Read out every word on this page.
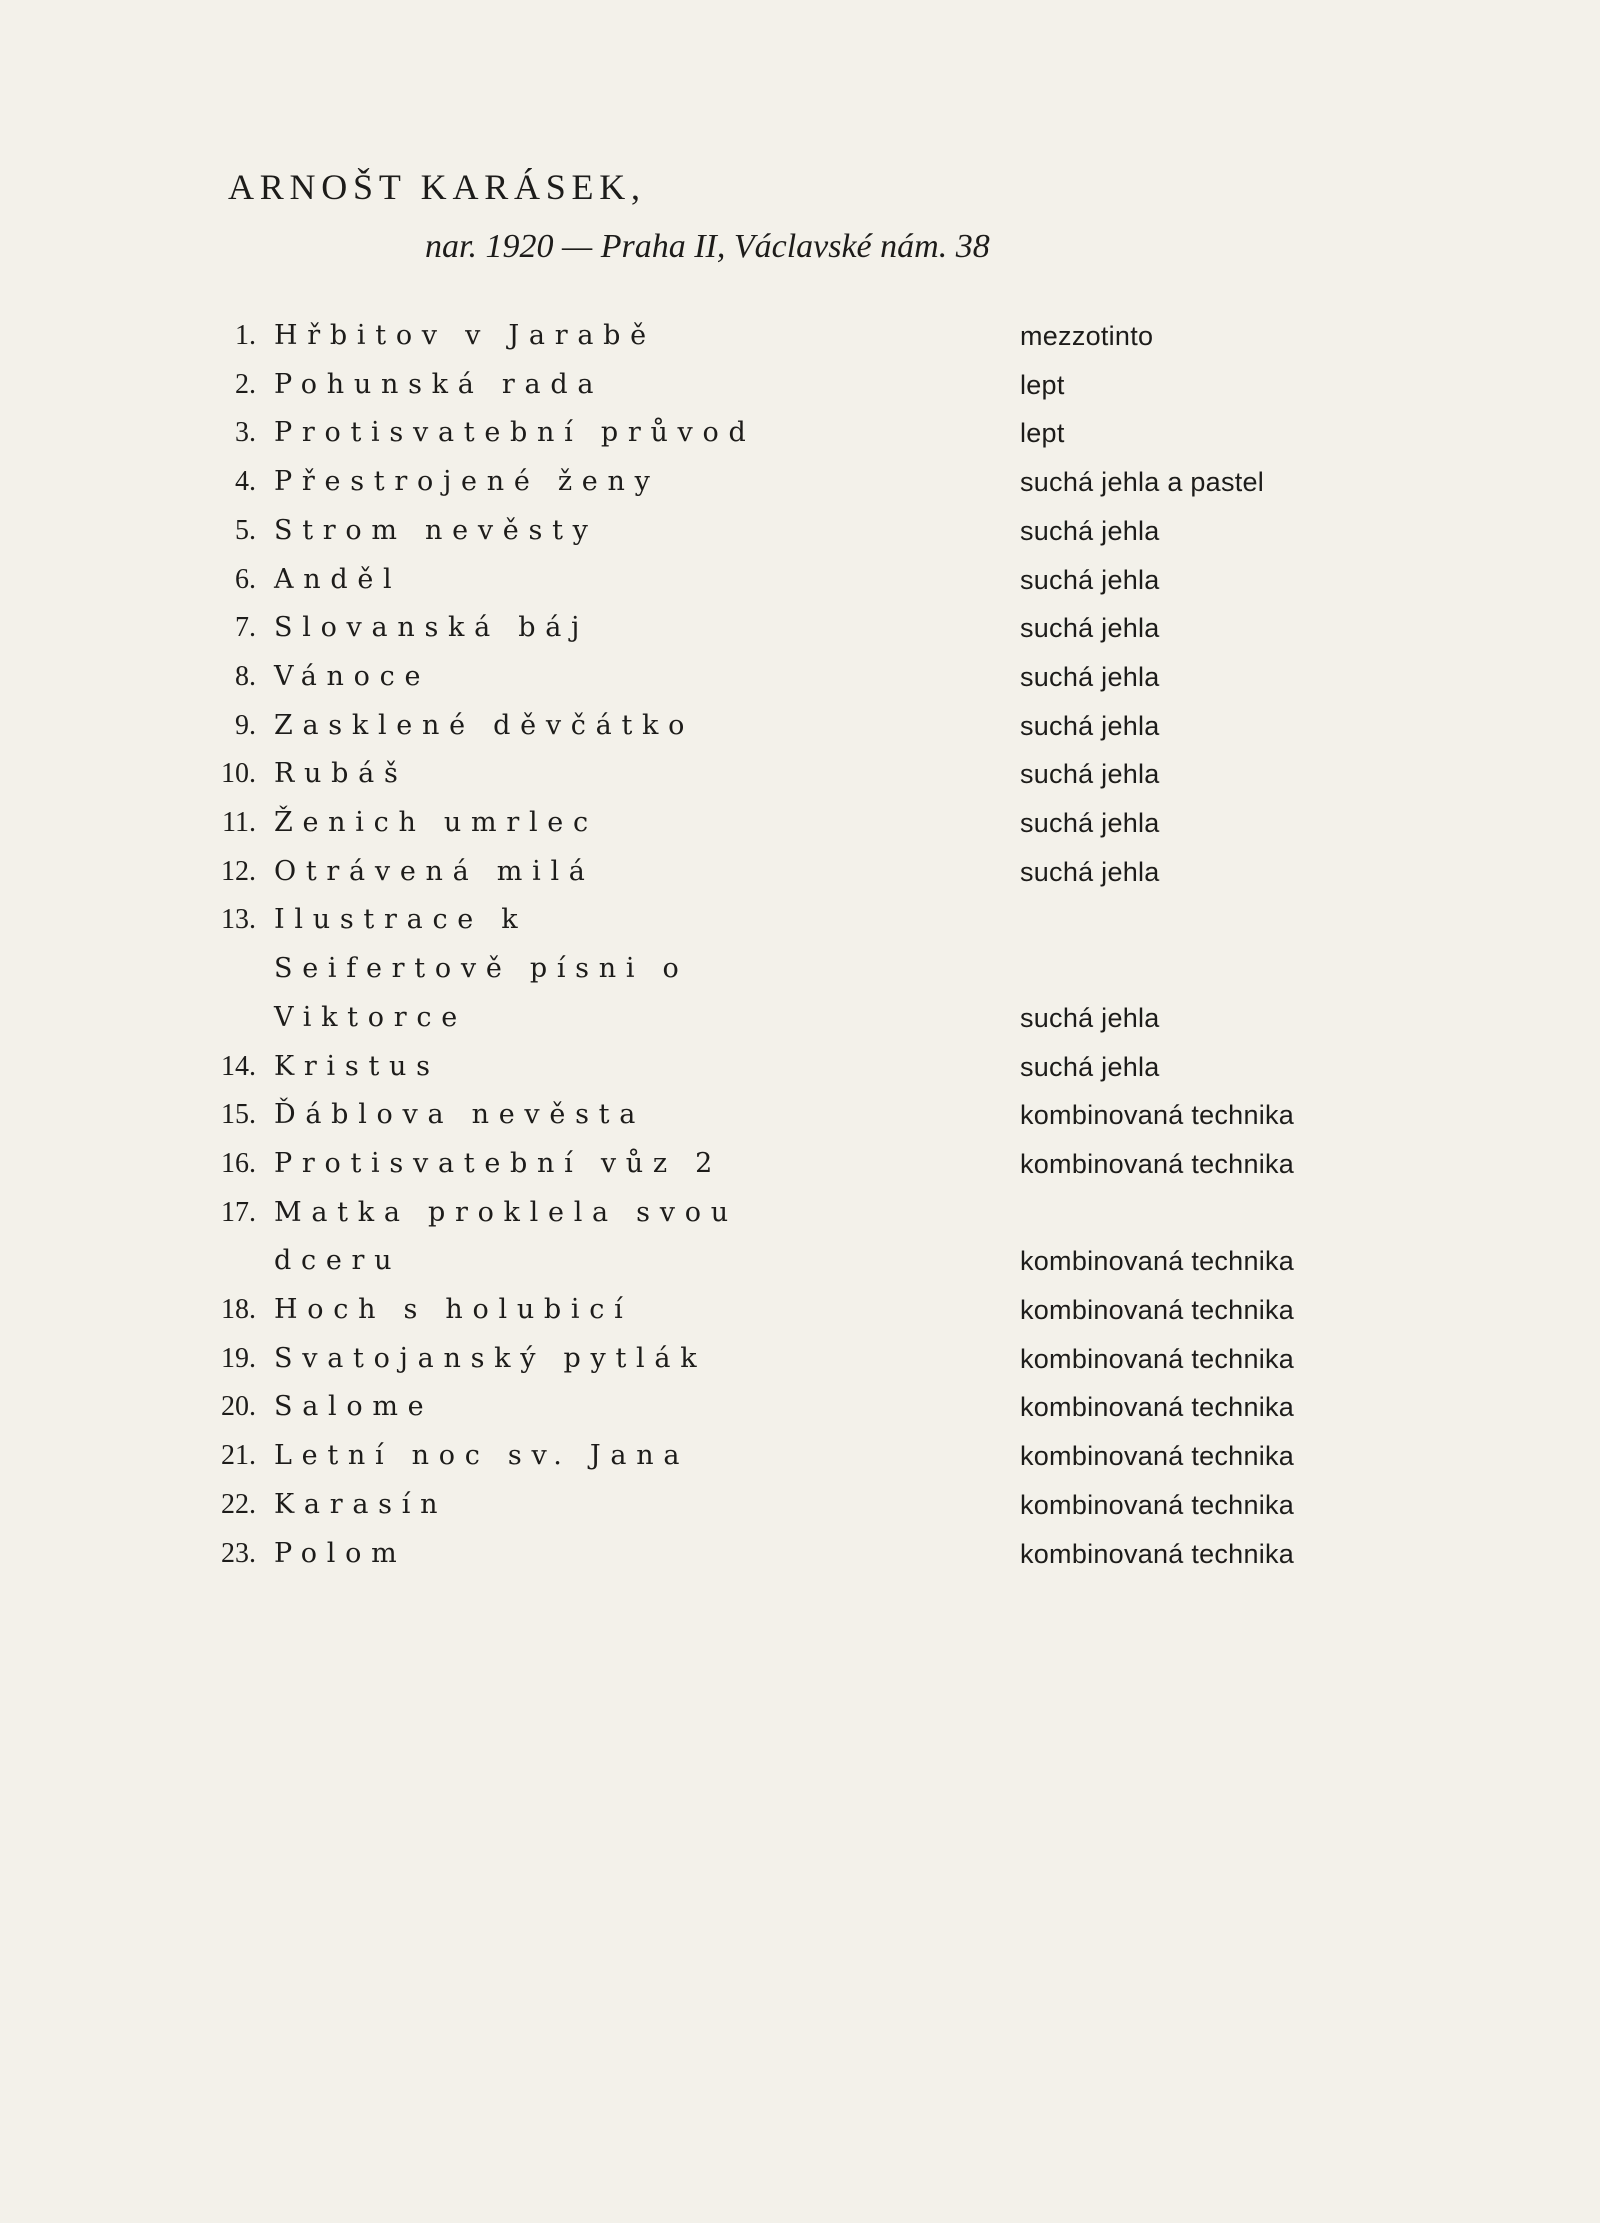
ARNOŠT KARÁSEK,
nar. 1920 — Praha II, Václavské nám. 38
1. Hřbitov v Jarabě	mezzotinto
2. Pohunská rada	lept
3. Protisvatební průvod	lept
4. Přestrojené ženy	suchá jehla a pastel
5. Strom nevěsty	suchá jehla
6. Anděl	suchá jehla
7. Slovanská báj	suchá jehla
8. Vánoce	suchá jehla
9. Zasklené děvčátko	suchá jehla
10. Rubáš	suchá jehla
11. Ženich umrlec	suchá jehla
12. Otrávená milá	suchá jehla
13. Ilustrace k Seifertově písni o Viktorce	suchá jehla
14. Kristus	suchá jehla
15. Ďáblova nevěsta	kombinovaná technika
16. Protisvatební vůz 2	kombinovaná technika
17. Matka proklela svou dceru	kombinovaná technika
18. Hoch s holubicí	kombinovaná technika
19. Svatojanský pytlák	kombinovaná technika
20. Salome	kombinovaná technika
21. Letní noc sv. Jana	kombinovaná technika
22. Karasín	kombinovaná technika
23. Polom	kombinovaná technika
